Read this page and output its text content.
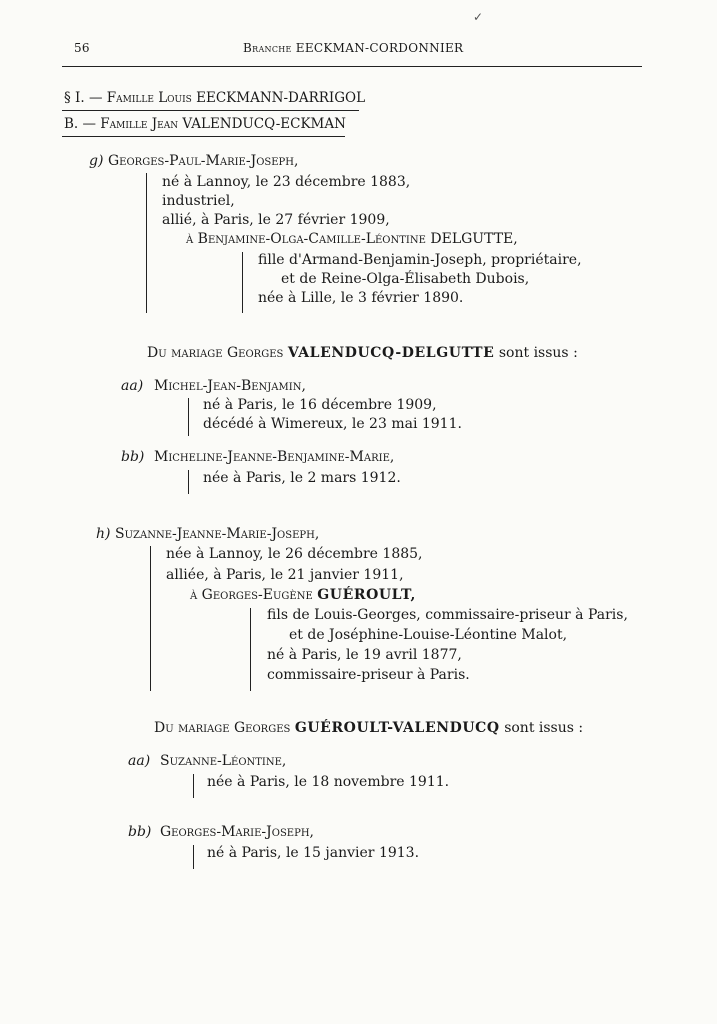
56	Branche EECKMAN-CORDONNIER
§ I. — Famille Louis EECKMANN-DARRIGOL
B. — Famille Jean VALENDUCQ-ECKMAN
g) Georges-Paul-Marie-Joseph,
né à Lannoy, le 23 décembre 1883,
industriel,
allié, à Paris, le 27 février 1909,
à Benjamine-Olga-Camille-Léontine DELGUTTE,
fille d'Armand-Benjamin-Joseph, propriétaire,
et de Reine-Olga-Élisabeth Dubois,
née à Lille, le 3 février 1890.
Du mariage Georges VALENDUCQ-DELGUTTE sont issus :
aa) Michel-Jean-Benjamin,
né à Paris, le 16 décembre 1909,
décédé à Wimereux, le 23 mai 1911.
bb) Micheline-Jeanne-Benjamine-Marie,
née à Paris, le 2 mars 1912.
h) Suzanne-Jeanne-Marie-Joseph,
née à Lannoy, le 26 décembre 1885,
alliée, à Paris, le 21 janvier 1911,
à Georges-Eugène GUÉROULT,
fils de Louis-Georges, commissaire-priseur à Paris,
et de Joséphine-Louise-Léontine Malot,
né à Paris, le 19 avril 1877,
commissaire-priseur à Paris.
Du mariage Georges GUÉROULT-VALENDUCQ sont issus :
aa) Suzanne-Léontine,
née à Paris, le 18 novembre 1911.
bb) Georges-Marie-Joseph,
né à Paris, le 15 janvier 1913.
✓
